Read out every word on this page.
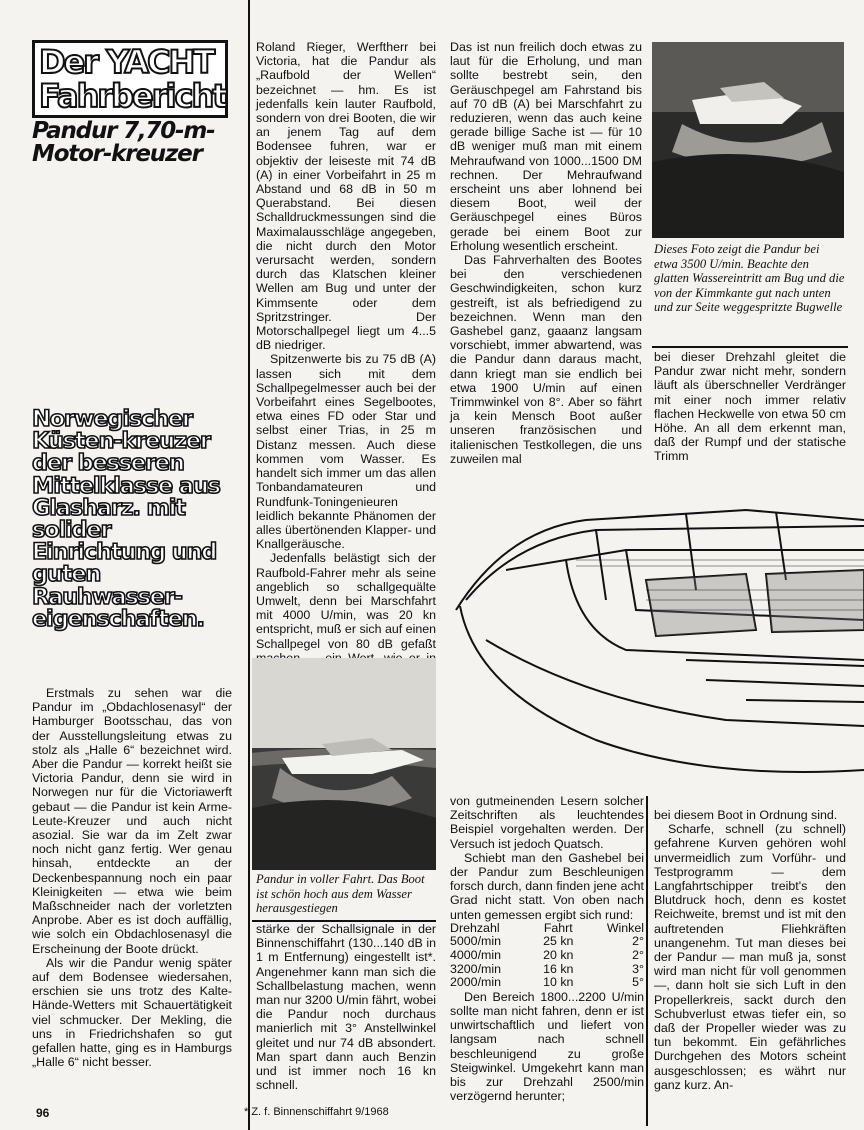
Der YACHT
Fahrbericht
Pandur 7,70-m-Motor-kreuzer
Norwegischer Küsten-kreuzer der besseren Mittelklasse aus Glasharz. mit solider Einrichtung und guten Rauhwasser-eigenschaften.

Erstmals zu sehen war die Pandur im „Obdachlosenasyl“ der Hamburger Bootsschau, das von der Ausstellungsleitung etwas zu stolz als „Halle 6“ bezeichnet wird. Aber die Pandur — korrekt heißt sie Victoria Pandur, denn sie wird in Norwegen nur für die Victoriawerft gebaut — die Pandur ist kein Arme-Leute-Kreuzer und auch nicht asozial. Sie war da im Zelt zwar noch nicht ganz fertig. Wer genau hinsah, entdeckte an der Deckenbespannung noch ein paar Kleinigkeiten — etwa wie beim Maßschneider nach der vorletzten Anprobe. Aber es ist doch auffällig, wie solch ein Obdachlosenasyl die Erscheinung der Boote drückt.

Als wir die Pandur wenig später auf dem Bodensee wiedersahen, erschien sie uns trotz des Kalte-Hände-Wetters mit Schauertätigkeit viel schmucker. Der Mekling, die uns in Friedrichshafen so gut gefallen hatte, ging es in Hamburgs „Halle 6“ nicht besser.

Roland Rieger, Werftherr bei Victoria, hat die Pandur als „Raufbold der Wellen“ bezeichnet — hm. Es ist jedenfalls kein lauter Raufbold, sondern von drei Booten, die wir an jenem Tag auf dem Bodensee fuhren, war er objektiv der leiseste mit 74 dB (A) in einer Vorbeifahrt in 25 m Abstand und 68 dB in 50 m Querabstand. Bei diesen Schalldruckmessungen sind die Maximalausschläge angegeben, die nicht durch den Motor verursacht werden, sondern durch das Klatschen kleiner Wellen am Bug und unter der Kimmsente oder dem Spritzstringer. Der Motorschallpegel liegt um 4...5 dB niedriger.

Spitzenwerte bis zu 75 dB (A) lassen sich mit dem Schallpegelmesser auch bei der Vorbeifahrt eines Segelbootes, etwa eines FD oder Star und selbst einer Trias, in 25 m Distanz messen. Auch diese kommen vom Wasser. Es handelt sich immer um das allen Tonbandamateuren und Rundfunk-Toningenieuren leidlich bekannte Phänomen der alles übertönenden Klapper- und Knallgeräusche.

Jedenfalls belästigt sich der Raufbold-Fahrer mehr als seine angeblich so schallgequälte Umwelt, denn bei Marschfahrt mit 4000 U/min, was 20 kn entspricht, muß er sich auf einen Schallpegel von 80 dB gefaßt

Pandur in voller Fahrt. Das Boot ist schön hoch aus dem Wasser herausgestiegen

stärke der Schallsignale in der Binnenschiffahrt (130...140 dB in 1 m Entfernung) eingestellt ist*. Angenehmer kann man sich die Schallbelastung machen, wenn man nur 3200 U/min fährt, wobei die Pandur noch durchaus manierlich mit 3° Anstellwinkel gleitet und nur 74 dB absondert. Man spart dann auch Benzin und ist immer noch 16 kn schnell.

* Z. f. Binnenschiffahrt 9/1968

Das ist nun freilich doch etwas zu laut für die Erholung, und man sollte bestrebt sein, den Geräuschpegel am Fahrstand bis auf 70 dB (A) bei Marschfahrt zu reduzieren, wenn das auch keine gerade billige Sache ist — für 10 dB weniger muß man mit einem Mehraufwand von 1000...1500 DM rechnen. Der Mehraufwand erscheint uns aber lohnend bei diesem Boot, weil der Geräuschpegel eines Büros gerade bei einem Boot zur Erholung wesentlich erscheint.

Das Fahrverhalten des Bootes bei den verschiedenen Geschwindigkeiten, schon kurz gestreift, ist als befriedigend zu bezeichnen. Wenn man den Gashebel ganz, gaaanz langsam vorschiebt, immer abwartend, was die Pandur dann daraus macht, dann kriegt man sie endlich bei etwa 1900 U/min auf einen Trimmwinkel von 8°. Aber so fährt ja kein Mensch Boot außer unseren französischen und italienischen Testkollegen, die uns zuweilen mal

Dieses Foto zeigt die Pandur bei etwa 3500 U/min. Beachte den glatten Wassereintritt am Bug und die von der Kimmkante gut nach unten und zur Seite weggespritzte Bugwelle

bei dieser Drehzahl gleitet die Pandur zwar nicht mehr, sondern läuft als überschneller Verdränger mit einer noch immer relativ flachen Heckwelle von etwa 50 cm Höhe. An all dem erkennt man, daß der Rumpf und der statische Trimm

von gutmeinenden Lesern solcher Zeitschriften als leuchtendes Beispiel vorgehalten werden. Der Versuch ist jedoch Quatsch.

Schiebt man den Gashebel bei der Pandur zum Beschleunigen forsch durch, dann finden jene acht Grad nicht statt. Von oben nach unten gemessen ergibt sich rund:

Drehzahl	Fahrt	Winkel
5000/min	25 kn	2°
4000/min	20 kn	2°
3200/min	16 kn	3°
2000/min	10 kn	5°

Den Bereich 1800...2200 U/min sollte man nicht fahren, denn er ist unwirtschaftlich und liefert von langsam nach schnell beschleunigend zu große Steigwinkel. Umgekehrt kann man bis zur Drehzahl 2500/min verzögernd herunter;

bei diesem Boot in Ordnung sind.

Scharfe, schnell (zu schnell) gefahrene Kurven gehören wohl unvermeidlich zum Vorführ- und Testprogramm — dem Langfahrtschipper treibt's den Blutdruck hoch, denn es kostet Reichweite, bremst und ist mit den auftretenden Fliehkräften unangenehm. Tut man dieses bei der Pandur — man muß ja, sonst wird man nicht für voll genommen —, dann holt sie sich Luft in den Propellerkreis, sackt durch den Schubverlust etwas tiefer ein, so daß der Propeller wieder was zu tun bekommt. Ein gefährliches Durchgehen des Motors scheint ausgeschlossen; es währt nur ganz kurz. An-

96
